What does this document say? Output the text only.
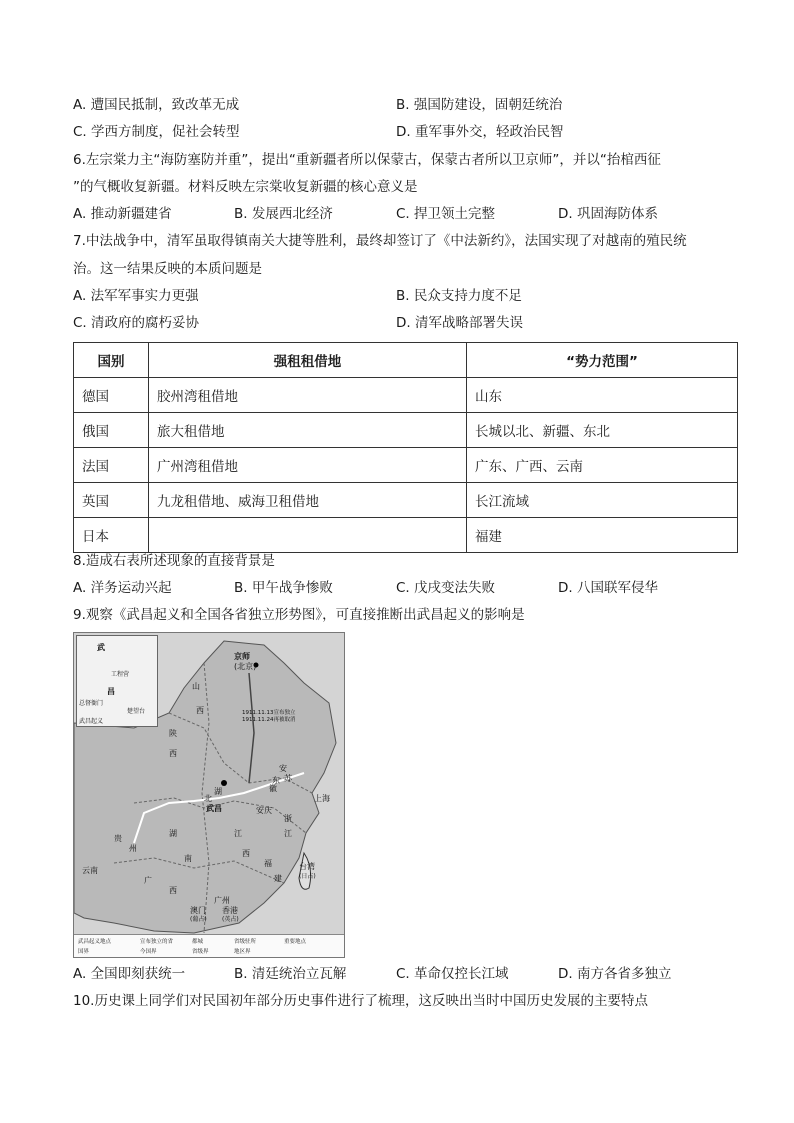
A. 遭国民抵制，致改革无成	B. 强国防建设，固朝廷统治
C. 学西方制度，促社会转型	D. 重军事外交，轻政治民智
6.左宗棠力主“海防塞防并重”，提出“重新疆者所以保蒙古，保蒙古者所以卫京师”，并以“抬棺西征
”的气概收复新疆。材料反映左宗棠收复新疆的核心意义是
A. 推动新疆建省	B. 发展西北经济	C. 捍卫领土完整	D. 巩固海防体系
7.中法战争中，清军虽取得镇南关大捷等胜利，最终却签订了《中法新约》，法国实现了对越南的殖民统
治。这一结果反映的本质问题是
A. 法军军事实力更强	B. 民众支持力度不足
C. 清政府的腐朽妥协	D. 清军战略部署失误
国别	强租租借地	“势力范围”
德国	胶州湾租借地	山东
俄国	旅大租借地	长城以北、新疆、东北
法国	广州湾租借地	广东、广西、云南
英国	九龙租借地、威海卫租借地	长江流域
日本		福建
8.造成右表所述现象的直接背景是
A. 洋务运动兴起	B. 甲午战争惨败	C. 戊戌变法失败	D. 八国联军侵华
9.观察《武昌起义和全国各省独立形势图》，可直接推断出武昌起义的影响是
武
昌
总督衙门
工程营
楚望台
武昌起义
京师
(北京)
山
西
陕
西
安
徽
北
湖
武昌	安庆
上海
浙
江
贵
州
湖
南
江
西
福
建
云南
广
西
广州
澳门
(葡占)
香港
(英占)
台湾
(日占)
1911.11.13宣布独立
1911.11.24再被取消
东 苏
武昌起义地点	宣布独立的省	都城	省级驻所	重要地点
国界	今国界	省级界	地区界
A. 全国即刻获统一	B. 清廷统治立瓦解	C. 革命仅控长江域	D. 南方各省多独立
10.历史课上同学们对民国初年部分历史事件进行了梳理，这反映出当时中国历史发展的主要特点
